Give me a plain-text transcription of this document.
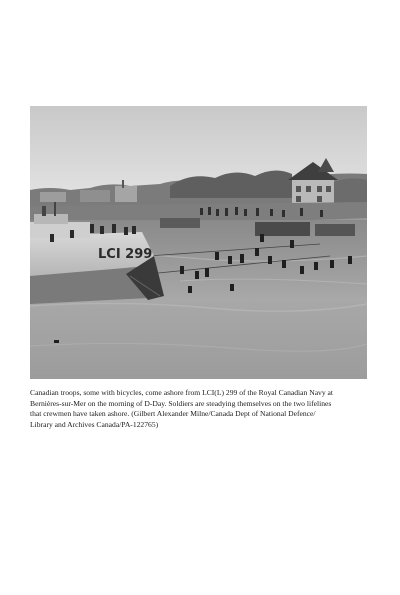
LCI 299

Canadian troops, some with bicycles, come ashore from LCI(L) 299 of the Royal Canadian Navy at
Bernières-sur-Mer on the morning of D-Day. Soldiers are steadying themselves on the two lifelines
that crewmen have taken ashore. (Gilbert Alexander Milne/Canada Dept of National Defence/
Library and Archives Canada/PA-122765)
